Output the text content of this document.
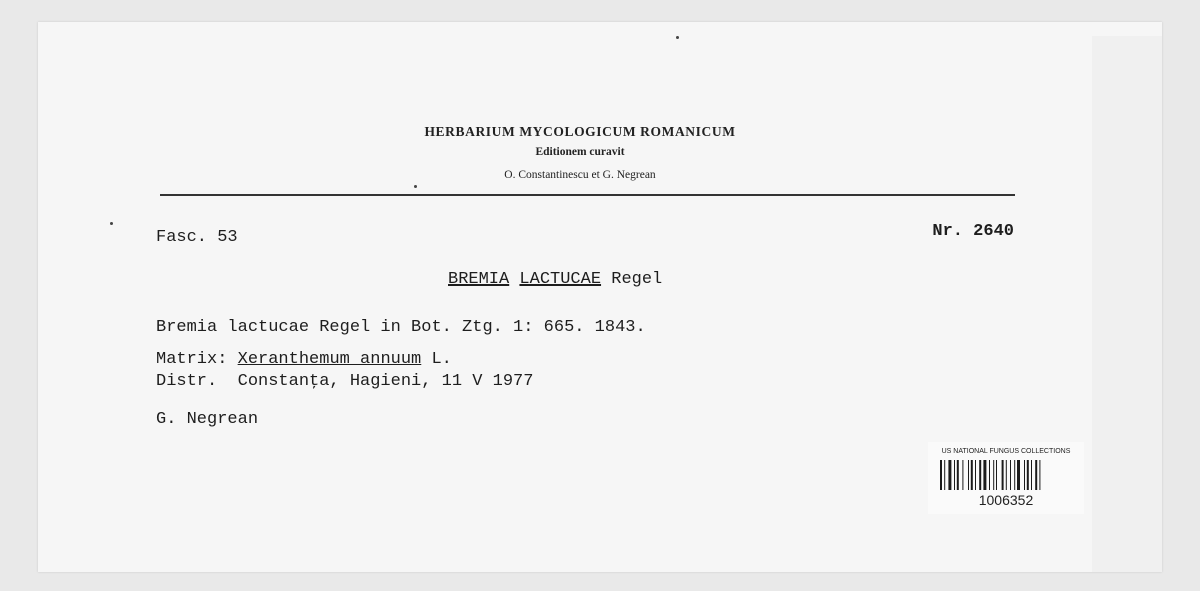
HERBARIUM MYCOLOGICUM ROMANICUM
Editionem curavit
O. Constantinescu et G. Negrean
Fasc. 53	Nr. 2640
BREMIA LACTUCAE Regel
Bremia lactucae Regel in Bot. Ztg. 1: 665. 1843.
Matrix: Xeranthemum annuum L.
Distr.  Constanţa, Hagieni, 11 V 1977
G. Negrean
US NATIONAL FUNGUS COLLECTIONS
1006352
